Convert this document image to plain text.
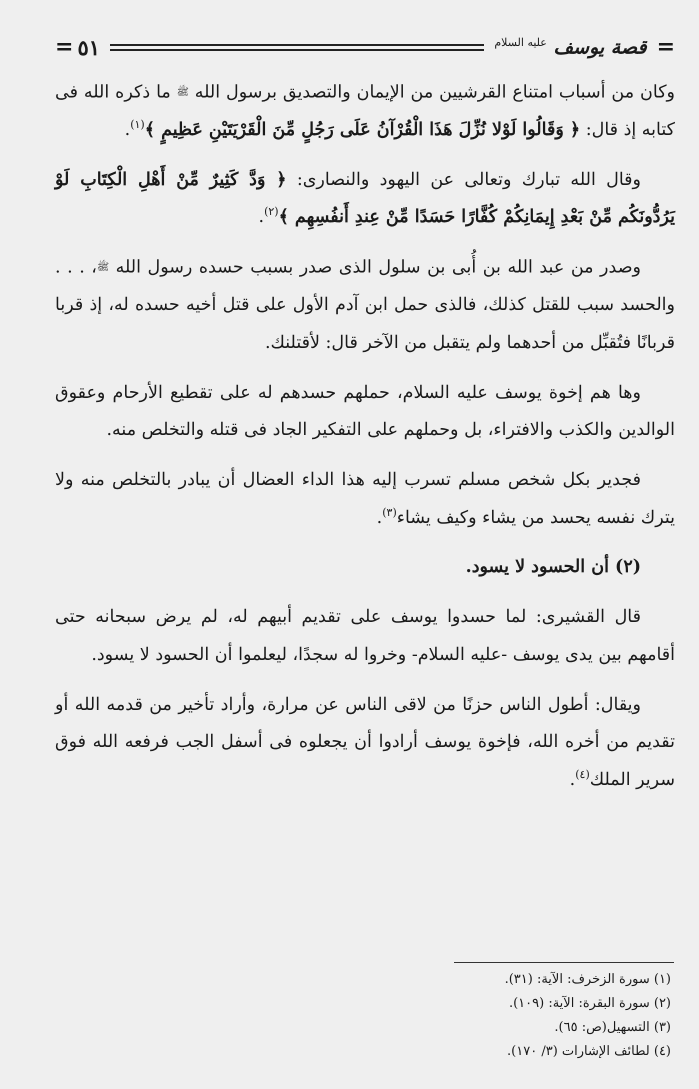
= ٥١	قصة يوسف $^{عليه السلام}$	=

وكان من أسباب امتناع القرشيين من الإيمان والتصديق برسول الله ﷺ ما ذكره الله فى كتابه إذ قال: ﴿ وَقَالُوا لَوْلا نُزِّلَ هَذَا الْقُرْآنُ عَلَى رَجُلٍ مِّنَ الْقَرْيَتَيْنِ عَظِيمٍ ﴾$^{(١)}$.

وقال الله تبارك وتعالى عن اليهود والنصارى: ﴿ وَدَّ كَثِيرٌ مِّنْ أَهْلِ الْكِتَابِ لَوْ يَرُدُّونَكُم مِّنْ بَعْدِ إِيمَانِكُمْ كُفَّارًا حَسَدًا مِّنْ عِندِ أَنفُسِهِم ﴾$^{(٢)}$.

وصدر من عبد الله بن أُبى بن سلول الذى صدر بسبب حسده رسول الله ﷺ، . . . والحسد سبب للقتل كذلك، فالذى حمل ابن آدم الأول على قتل أخيه حسده له، إذ قربا قربانًا فتُقبِّل من أحدهما ولم يتقبل من الآخر قال: لأقتلنك.

وها هم إخوة يوسف عليه السلام، حملهم حسدهم له على تقطيع الأرحام وعقوق الوالدين والكذب والافتراء، بل وحملهم على التفكير الجاد فى قتله والتخلص منه.

فجدير بكل شخص مسلم تسرب إليه هذا الداء العضال أن يبادر بالتخلص منه ولا يترك نفسه يحسد من يشاء وكيف يشاء$^{(٣)}$.

(٢) أن الحسود لا يسود.

قال القشيرى: لما حسدوا يوسف على تقديم أبيهم له، لم يرض سبحانه حتى أقامهم بين يدى يوسف -عليه السلام- وخروا له سجدًا، ليعلموا أن الحسود لا يسود.

ويقال: أطول الناس حزنًا من لاقى الناس عن مرارة، وأراد تأخير من قدمه الله أو تقديم من أخره الله، فإخوة يوسف أرادوا أن يجعلوه فى أسفل الجب فرفعه الله فوق سرير الملك$^{(٤)}$.

(١) سورة الزخرف: الآية: (٣١).
(٢) سورة البقرة: الآية: (١٠٩).
(٣) التسهيل(ص: ٦٥).
(٤) لطائف الإشارات (٣/ ١٧٠).
